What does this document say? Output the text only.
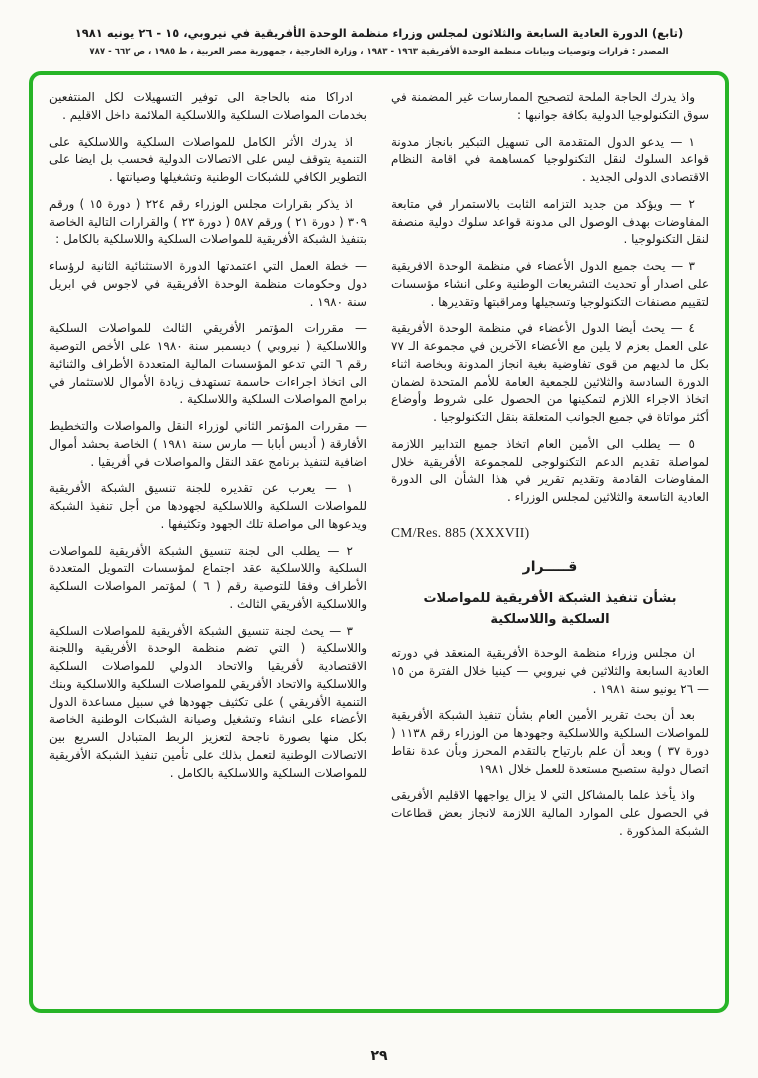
(تابع) الدورة العادية السابعة والثلاثون لمجلس وزراء منظمة الوحدة الأفريقية في نيروبي، ١٥ - ٢٦ يونيه ١٩٨١
المصدر : قرارات وتوصيات وبيانات منظمة الوحدة الأفريقية ١٩٦٣ - ١٩٨٣ ، وزارة الخارجية ، جمهورية مصر العربية ، ط ١٩٨٥ ، ص ٦٦٢ - ٧٨٧

واذ يدرك الحاجة الملحة لتصحيح الممارسات غير المضمنة في سوق التكنولوجيا الدولية بكافة جوانبها :

١ — يدعو الدول المتقدمة الى تسهيل التبكير بانجاز مدونة قواعد السلوك لنقل التكنولوجيا كمساهمة في اقامة النظام الاقتصادى الدولى الجديد .

٢ — ويؤكد من جديد التزامه الثابت بالاستمرار في متابعة المفاوضات بهدف الوصول الى مدونة قواعد سلوك دولية منصفة لنقل التكنولوجيا .

٣ — يحث جميع الدول الأعضاء في منظمة الوحدة الافريقية على اصدار أو تحديث التشريعات الوطنية وعلى انشاء مؤسسات لتقييم مصنفات التكنولوجيا وتسجيلها ومراقبتها وتقديرها .

٤ — يحث أيضا الدول الأعضاء في منظمة الوحدة الأفريقية على العمل بعزم لا يلين مع الأعضاء الآخرين في مجموعة الـ ٧٧ بكل ما لديهم من قوى تفاوضية بغية انجاز المدونة وبخاصة اثناء الدورة السادسة والثلاثين للجمعية العامة للأمم المتحدة لضمان اتخاذ الاجراء اللازم لتمكينها من الحصول على شروط وأوضاع أكثر مواتاة في جميع الجوانب المتعلقة بنقل التكنولوجيا .

٥ — يطلب الى الأمين العام اتخاذ جميع التدابير اللازمة لمواصلة تقديم الدعم التكنولوجى للمجموعة الأفريقية خلال المفاوضات القادمة وتقديم تقرير في هذا الشأن الى الدورة العادية التاسعة والثلاثين لمجلس الوزراء .

CM/Res. 885 (XXXVII)
قـــــرار
بشأن تنفيذ الشبكة الأفريقية للمواصلات السلكية واللاسلكية

ان مجلس وزراء منظمة الوحدة الأفريقية المنعقد في دورته العادية السابعة والثلاثين في نيروبي — كينيا خلال الفترة من ١٥ — ٢٦ يونيو سنة ١٩٨١ .

بعد أن بحث تقرير الأمين العام بشأن تنفيذ الشبكة الأفريقية للمواصلات السلكية واللاسلكية وجهودها من الوزراء رقم ١١٣٨ ( دورة ٣٧ ) وبعد أن علم بارتياح بالتقدم المحرز وبأن عدة نقاط اتصال دولية ستصبح مستعدة للعمل خلال ١٩٨١

واذ يأخذ علما بالمشاكل التي لا يزال يواجهها الاقليم الأفريقى في الحصول على الموارد المالية اللازمة لانجاز بعض قطاعات الشبكة المذكورة .

ادراكا منه بالحاجة الى توفير التسهيلات لكل المنتفعين بخدمات المواصلات السلكية واللاسلكية الملائمة داخل الاقليم .

اذ يدرك الأثر الكامل للمواصلات السلكية واللاسلكية على التنمية يتوقف ليس على الاتصالات الدولية فحسب بل ايضا على التطوير الكافي للشبكات الوطنية وتشغيلها وصيانتها .

اذ يذكر بقرارات مجلس الوزراء رقم ٢٢٤ ( دورة ١٥ ) ورقم ٣٠٩ ( دورة ٢١ ) ورقم ٥٨٧ ( دورة ٢٣ ) والقرارات التالية الخاصة بتنفيذ الشبكة الأفريقية للمواصلات السلكية واللاسلكية بالكامل :

— خطة العمل التي اعتمدتها الدورة الاستثنائية الثانية لرؤساء دول وحكومات منظمة الوحدة الأفريقية في لاجوس في ابريل سنة ١٩٨٠ .

— مقررات المؤتمر الأفريقي الثالث للمواصلات السلكية واللاسلكية ( نيروبي ) ديسمبر سنة ١٩٨٠ على الأخص التوصية رقم ٦ التي تدعو المؤسسات المالية المتعددة الأطراف والثنائية الى اتخاذ اجراءات حاسمة تستهدف زيادة الأموال للاستثمار في برامج المواصلات السلكية واللاسلكية .

— مقررات المؤتمر الثاني لوزراء النقل والمواصلات والتخطيط الأفارقة ( أديس أبابا — مارس سنة ١٩٨١ ) الخاصة بحشد أموال اضافية لتنفيذ برنامج عقد النقل والمواصلات في أفريقيا .

١ — يعرب عن تقديره للجنة تنسيق الشبكة الأفريقية للمواصلات السلكية واللاسلكية لجهودها من أجل تنفيذ الشبكة ويدعوها الى مواصلة تلك الجهود وتكثيفها .

٢ — يطلب الى لجنة تنسيق الشبكة الأفريقية للمواصلات السلكية واللاسلكية عقد اجتماع لمؤسسات التمويل المتعددة الأطراف وفقا للتوصية رقم ( ٦ ) لمؤتمر المواصلات السلكية واللاسلكية الأفريقي الثالث .

٣ — يحث لجنة تنسيق الشبكة الأفريقية للمواصلات السلكية واللاسلكية ( التي تضم منظمة الوحدة الأفريقية واللجنة الاقتصادية لأفريقيا والاتحاد الدولي للمواصلات السلكية واللاسلكية والاتحاد الأفريقي للمواصلات السلكية واللاسلكية وبنك التنمية الأفريقي ) على تكثيف جهودها في سبيل مساعدة الدول الأعضاء على انشاء وتشغيل وصيانة الشبكات الوطنية الخاصة بكل منها بصورة ناجحة لتعزيز الربط المتبادل السريع بين الاتصالات الوطنية لتعمل بذلك على تأمين تنفيذ الشبكة الأفريقية للمواصلات السلكية واللاسلكية بالكامل .

٢٩
